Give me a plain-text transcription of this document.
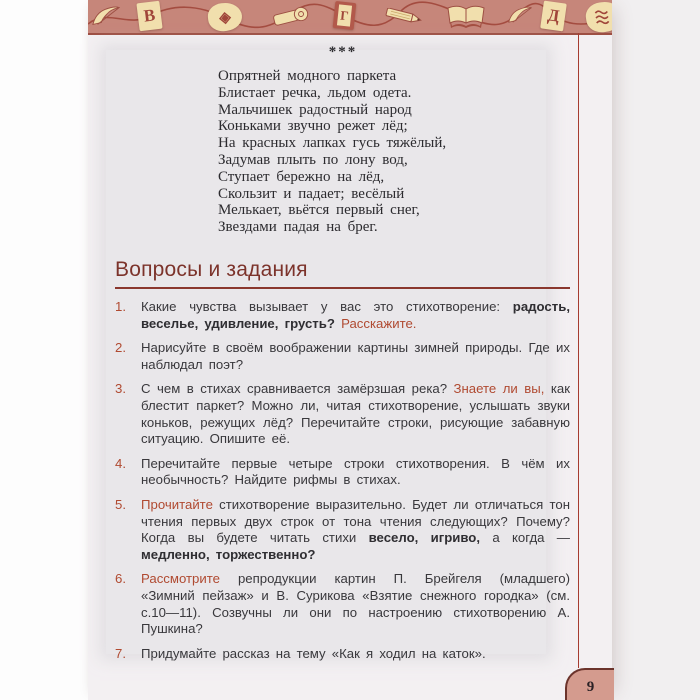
В	◈	Г	Д
***
Опрятней модного паркета
Блистает речка, льдом одета.
Мальчишек радостный народ
Коньками звучно режет лёд;
На красных лапках гусь тяжёлый,
Задумав плыть по лону вод,
Ступает бережно на лёд,
Скользит и падает; весёлый
Мелькает, вьётся первый снег,
Звездами падая на брег.
Вопросы и задания
1.	Какие чувства вызывает у вас это стихотворение: радость, веселье, удивление, грусть? Расскажите.
2.	Нарисуйте в своём воображении картины зимней природы. Где их наблюдал поэт?
3.	С чем в стихах сравнивается замёрзшая река? Знаете ли вы, как блестит паркет? Можно ли, читая стихотворение, услышать звуки коньков, режущих лёд? Перечитайте строки, рисующие забавную ситуацию. Опишите её.
4.	Перечитайте первые четыре строки стихотворения. В чём их необычность? Найдите рифмы в стихах.
5.	Прочитайте стихотворение выразительно. Будет ли отличаться тон чтения первых двух строк от тона чтения следующих? Почему? Когда вы будете читать стихи весело, игриво, а когда — медленно, торжественно?
6.	Рассмотрите репродукции картин П. Брейгеля (младшего) «Зимний пейзаж» и В. Сурикова «Взятие снежного городка» (см. с.10—11). Созвучны ли они по настроению стихотворению А. Пушкина?
7.	Придумайте рассказ на тему «Как я ходил на каток».
9
